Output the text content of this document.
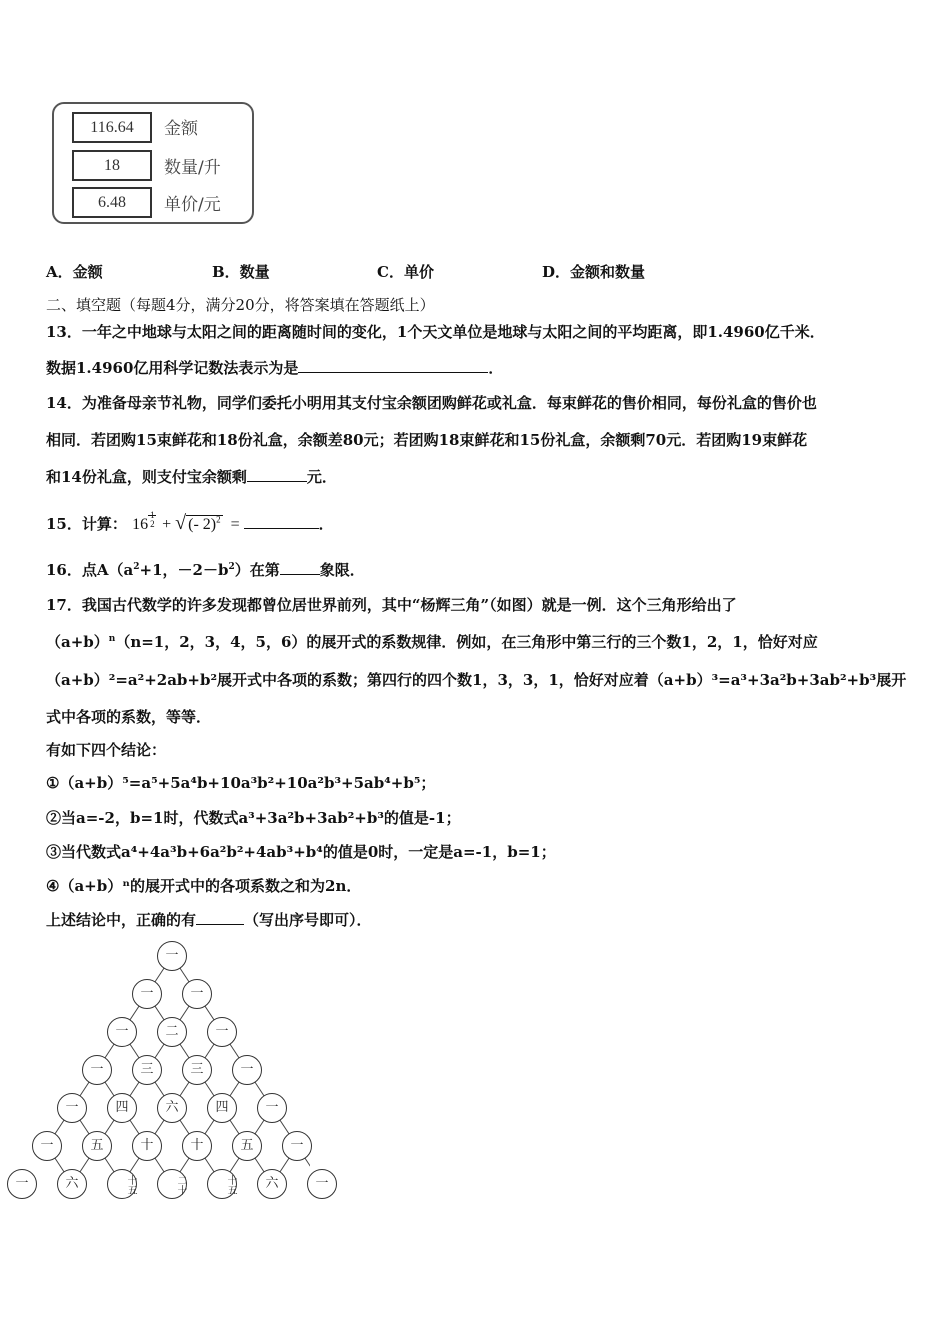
116.64	金额
18	数量/升
6.48	单价/元
A．金额	B．数量	C．单价	D．金额和数量
二、填空题（每题4分，满分20分，将答案填在答题纸上）
13．一年之中地球与太阳之间的距离随时间的变化，1个天文单位是地球与太阳之间的平均距离，即1.4960亿千米．
数据1.4960亿用科学记数法表示为是	．
14．为准备母亲节礼物，同学们委托小明用其支付宝余额团购鲜花或礼盒．每束鲜花的售价相同，每份礼盒的售价也
相同．若团购15束鲜花和18份礼盒，余额差80元；若团购18束鲜花和15份礼盒，余额剩70元．若团购19束鲜花
和14份礼盒，则支付宝余额剩	元．
15．计算： 16
1
2 + √ (- 2)$^2$ =	．
16．点$A(a^2+1$，$-2-b^2$）在第	象限．
17．我国古代数学的许多发现都曾位居世界前列，其中“杨辉三角”（如图）就是一例．这个三角形给出了
$(a+b)^n(n=1$，2，3，4，5，6）的展开式的系数规律．例如，在三角形中第三行的三个数1，2，1，恰好对应
（a+b）²=a²+2ab+b²展开式中各项的系数；第四行的四个数1，3，3，1，恰好对应着（a+b）³=a³+3a²b+3ab²+b³展开
式中各项的系数，等等．
有如下四个结论：
①（a+b）⁵=a⁵+5a⁴b+10a³b²+10a²b³+5ab⁴+b⁵；
②当a=-2，b=1时，代数式a³+3a²b+3ab²+b³的值是-1；
③当代数式a⁴+4a³b+6a²b²+4ab³+b⁴的值是0时，一定是a=-1，b=1；
④（a+b）ⁿ的展开式中的各项系数之和为2n．
上述结论中，正确的有	（写出序号即可）．
一
一	一
一	二	一
一	三	三	一
一	四	六	四	一
一	五	十	十	五	一
一	六	十五	二十	十五	六	一
